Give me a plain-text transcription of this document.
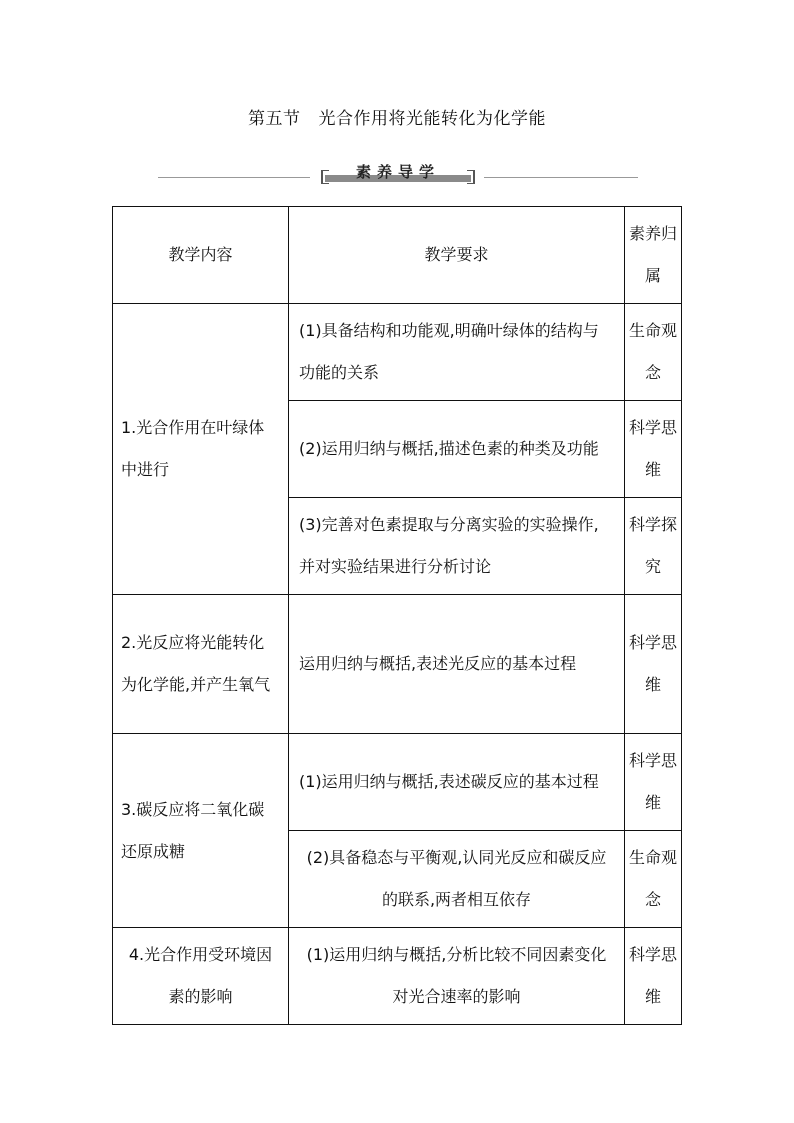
第五节 光合作用将光能转化为化学能
素养导学
教学内容	教学要求	素养归属

1.光合作用在叶绿体中进行	(1)具备结构和功能观,明确叶绿体的结构与功能的关系	生命观念

	(2)运用归纳与概括,描述色素的种类及功能	科学思维

	(3)完善对色素提取与分离实验的实验操作,并对实验结果进行分析讨论	科学探究

2.光反应将光能转化为化学能,并产生氧气	运用归纳与概括,表述光反应的基本过程	科学思维

3.碳反应将二氧化碳还原成糖	(1)运用归纳与概括,表述碳反应的基本过程	科学思维

	(2)具备稳态与平衡观,认同光反应和碳反应的联系,两者相互依存	生命观念

4.光合作用受环境因素的影响	(1)运用归纳与概括,分析比较不同因素变化对光合速率的影响	科学思维
